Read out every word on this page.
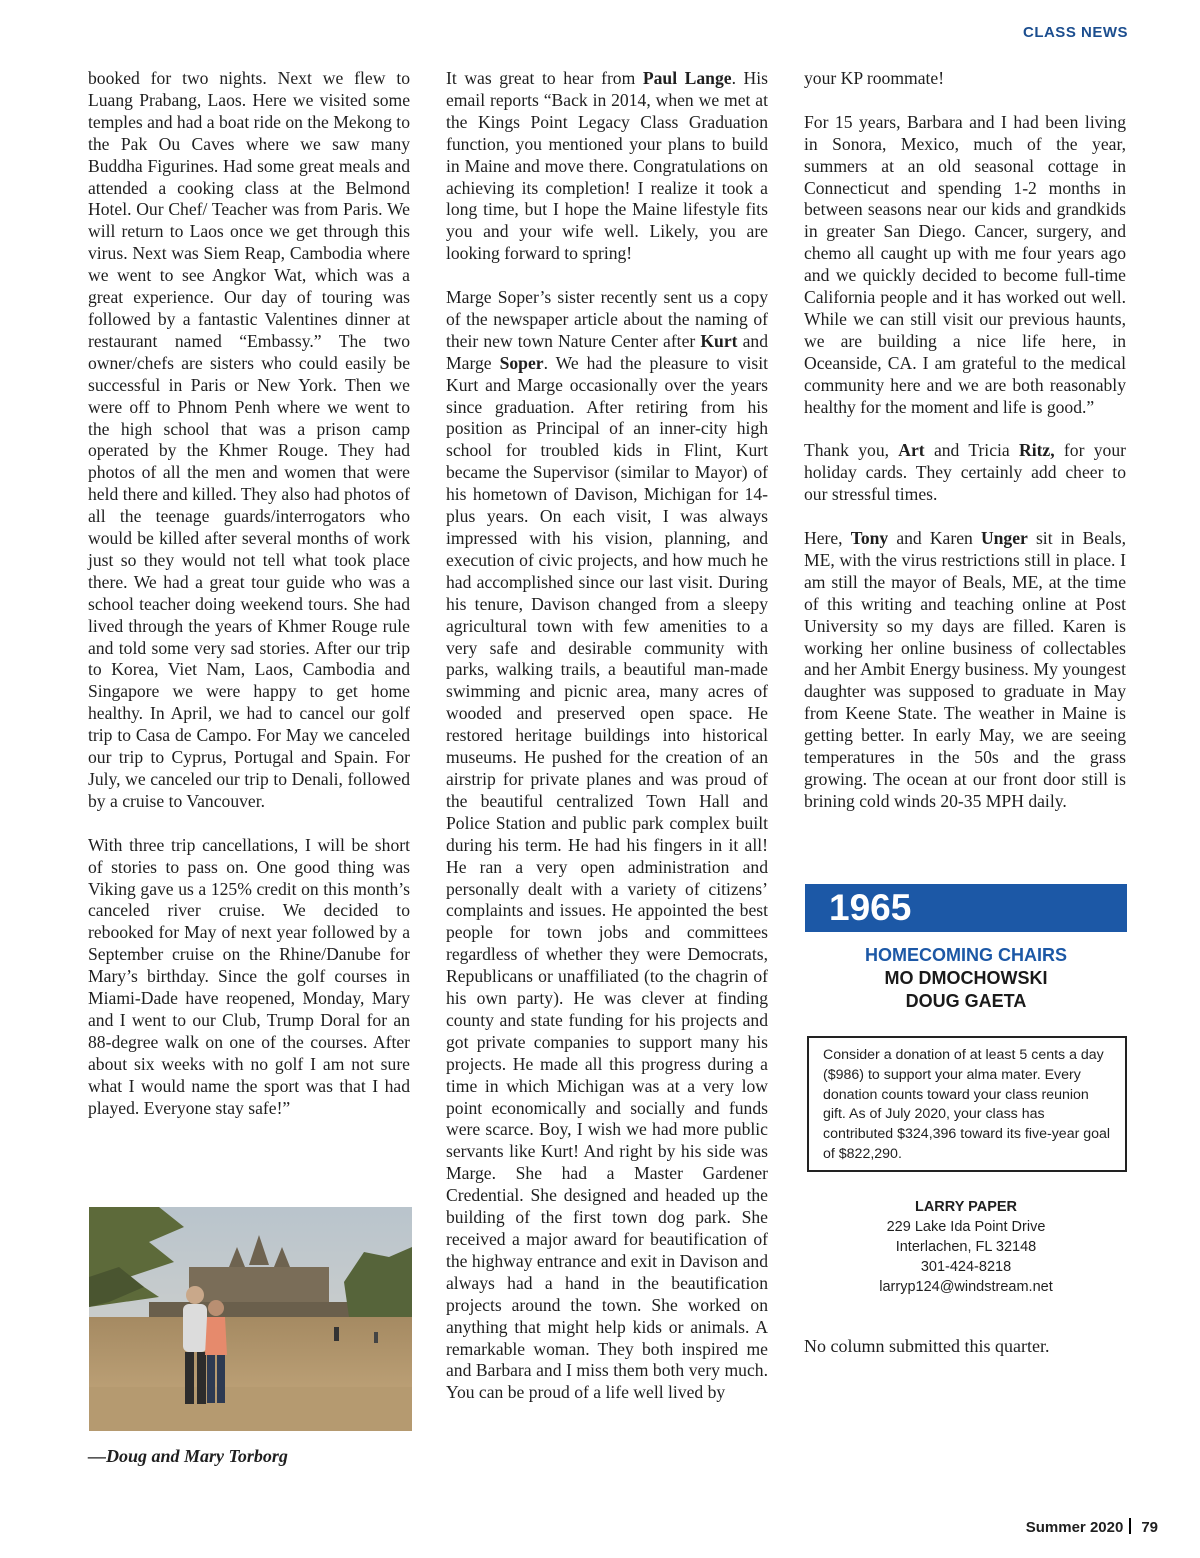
CLASS NEWS

booked for two nights. Next we flew to Luang Prabang, Laos. Here we visited some temples and had a boat ride on the Mekong to the Pak Ou Caves where we saw many Buddha Figurines. Had some great meals and attended a cooking class at the Belmond Hotel. Our Chef/ Teacher was from Paris. We will return to Laos once we get through this virus. Next was Siem Reap, Cambodia where we went to see Angkor Wat, which was a great experience. Our day of touring was followed by a fantastic Valentines dinner at restaurant named “Embassy.” The two owner/chefs are sisters who could easily be successful in Paris or New York. Then we were off to Phnom Penh where we went to the high school that was a prison camp operated by the Khmer Rouge. They had photos of all the men and women that were held there and killed. They also had photos of all the teenage guards/interrogators who would be killed after several months of work just so they would not tell what took place there. We had a great tour guide who was a school teacher doing weekend tours. She had lived through the years of Khmer Rouge rule and told some very sad stories. After our trip to Korea, Viet Nam, Laos, Cambodia and Singapore we were happy to get home healthy. In April, we had to cancel our golf trip to Casa de Campo. For May we canceled our trip to Cyprus, Portugal and Spain. For July, we canceled our trip to Denali, followed by a cruise to Vancouver.

With three trip cancellations, I will be short of stories to pass on. One good thing was Viking gave us a 125% credit on this month’s canceled river cruise. We decided to rebooked for May of next year followed by a September cruise on the Rhine/Danube for Mary’s birthday. Since the golf courses in Miami-Dade have reopened, Monday, Mary and I went to our Club, Trump Doral for an 88-degree walk on one of the courses. After about six weeks with no golf I am not sure what I would name the sport was that I had played. Everyone stay safe!”

—Doug and Mary Torborg

It was great to hear from Paul Lange. His email reports “Back in 2014, when we met at the Kings Point Legacy Class Graduation function, you mentioned your plans to build in Maine and move there. Congratulations on achieving its completion! I realize it took a long time, but I hope the Maine lifestyle fits you and your wife well. Likely, you are looking forward to spring!

Marge Soper’s sister recently sent us a copy of the newspaper article about the naming of their new town Nature Center after Kurt and Marge Soper. We had the pleasure to visit Kurt and Marge occasionally over the years since graduation. After retiring from his position as Principal of an inner-city high school for troubled kids in Flint, Kurt became the Supervisor (similar to Mayor) of his hometown of Davison, Michigan for 14-plus years. On each visit, I was always impressed with his vision, planning, and execution of civic projects, and how much he had accomplished since our last visit. During his tenure, Davison changed from a sleepy agricultural town with few amenities to a very safe and desirable community with parks, walking trails, a beautiful man-made swimming and picnic area, many acres of wooded and preserved open space. He restored heritage buildings into historical museums. He pushed for the creation of an airstrip for private planes and was proud of the beautiful centralized Town Hall and Police Station and public park complex built during his term. He had his fingers in it all! He ran a very open administration and personally dealt with a variety of citizens’ complaints and issues. He appointed the best people for town jobs and committees regardless of whether they were Democrats, Republicans or unaffiliated (to the chagrin of his own party). He was clever at finding county and state funding for his projects and got private companies to support many his projects. He made all this progress during a time in which Michigan was at a very low point economically and socially and funds were scarce. Boy, I wish we had more public servants like Kurt! And right by his side was Marge. She had a Master Gardener Credential. She designed and headed up the building of the first town dog park. She received a major award for beautification of the highway entrance and exit in Davison and always had a hand in the beautification projects around the town. She worked on anything that might help kids or animals. A remarkable woman. They both inspired me and Barbara and I miss them both very much. You can be proud of a life well lived by

your KP roommate!

For 15 years, Barbara and I had been living in Sonora, Mexico, much of the year, summers at an old seasonal cottage in Connecticut and spending 1-2 months in between seasons near our kids and grandkids in greater San Diego. Cancer, surgery, and chemo all caught up with me four years ago and we quickly decided to become full-time California people and it has worked out well. While we can still visit our previous haunts, we are building a nice life here, in Oceanside, CA. I am grateful to the medical community here and we are both reasonably healthy for the moment and life is good.”

Thank you, Art and Tricia Ritz, for your holiday cards. They certainly add cheer to our stressful times.

Here, Tony and Karen Unger sit in Beals, ME, with the virus restrictions still in place. I am still the mayor of Beals, ME, at the time of this writing and teaching online at Post University so my days are filled. Karen is working her online business of collectables and her Ambit Energy business. My youngest daughter was supposed to graduate in May from Keene State. The weather in Maine is getting better. In early May, we are seeing temperatures in the 50s and the grass growing. The ocean at our front door still is brining cold winds 20-35 MPH daily.

1965
HOMECOMING CHAIRS
MO DMOCHOWSKI
DOUG GAETA
Consider a donation of at least 5 cents a day ($986) to support your alma mater. Every donation counts toward your class reunion gift. As of July 2020, your class has contributed $324,396 toward its five-year goal of $822,290.
LARRY PAPER
229 Lake Ida Point Drive
Interlachen, FL 32148
301-424-8218
larryp124@windstream.net
No column submitted this quarter.
Summer 2020 79
